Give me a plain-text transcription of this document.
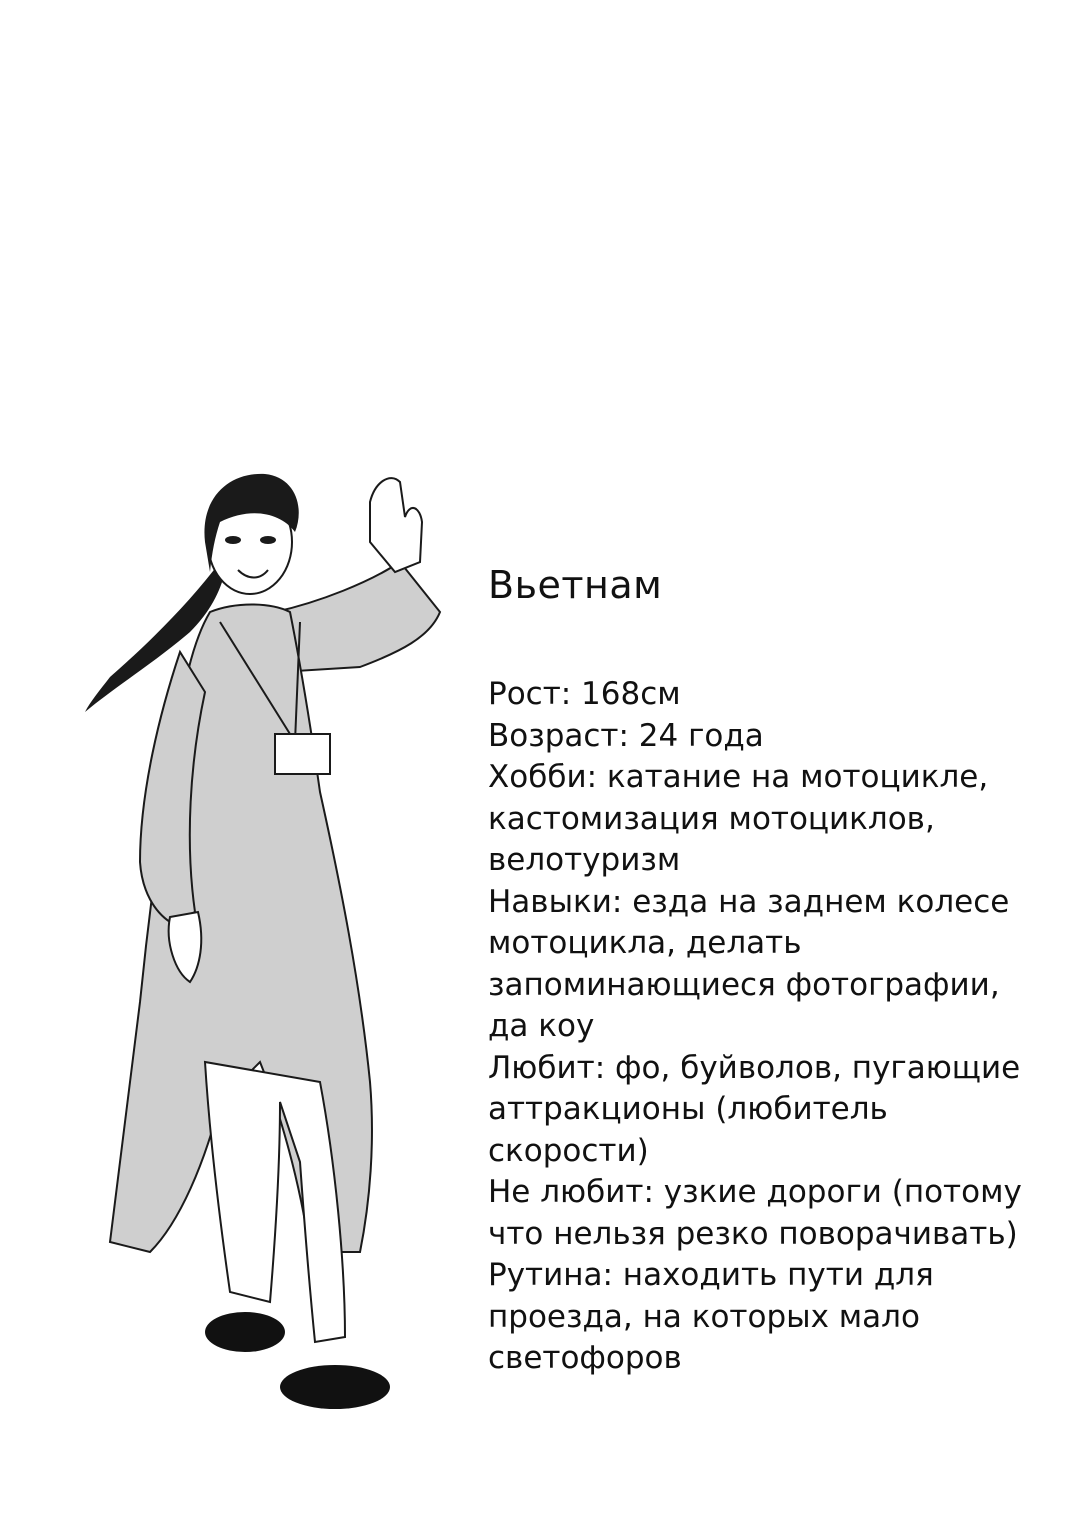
Вьетнам
Рост: 168см
Возраст: 24 года
Хобби: катание на мотоцикле,
кастомизация мотоциклов,
велотуризм
Навыки: езда на заднем колесе
мотоцикла, делать
запоминающиеся фотографии,
да коу
Любит: фо, буйволов, пугающие
аттракционы (любитель
скорости)
Не любит: узкие дороги (потому
что нельзя резко поворачивать)
Рутина: находить пути для
проезда, на которых мало
светофоров
